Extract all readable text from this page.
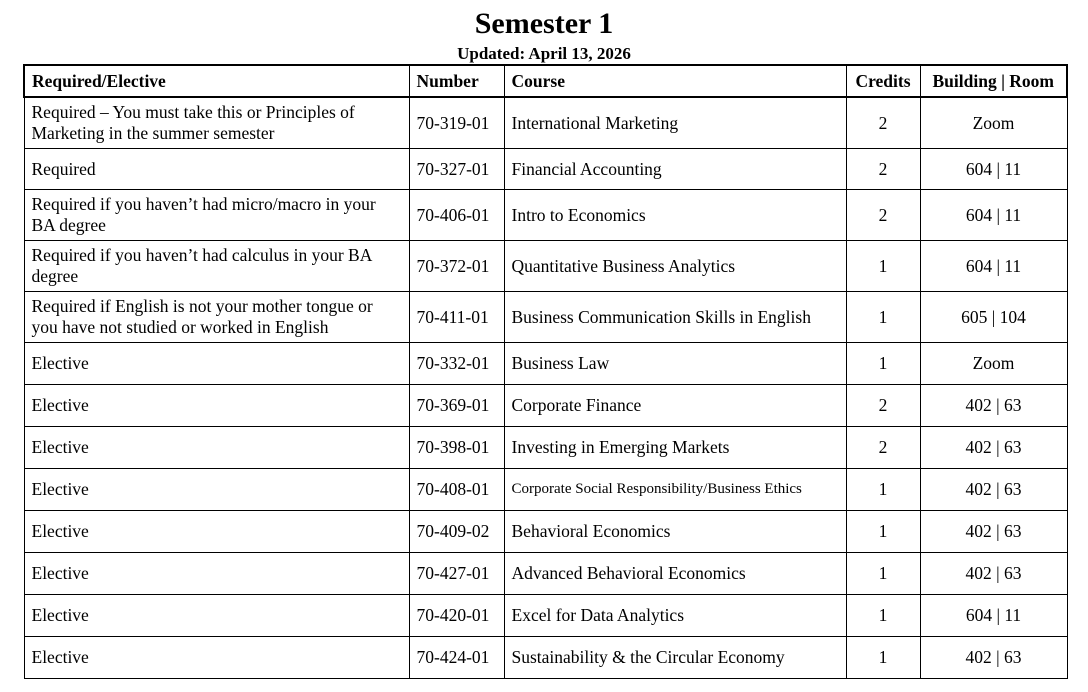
Semester 1
Updated: April 13, 2026
Required/Elective	Number	Course	Credits	Building | Room
Required – You must take this or Principles of Marketing in the summer semester	70-319-01	International Marketing	2	Zoom
Required	70-327-01	Financial Accounting	2	604 | 11
Required if you haven’t had micro/macro in your BA degree	70-406-01	Intro to Economics	2	604 | 11
Required if you haven’t had calculus in your BA degree	70-372-01	Quantitative Business Analytics	1	604 | 11
Required if English is not your mother tongue or you have not studied or worked in English	70-411-01	Business Communication Skills in English	1	605 | 104
Elective	70-332-01	Business Law	1	Zoom
Elective	70-369-01	Corporate Finance	2	402 | 63
Elective	70-398-01	Investing in Emerging Markets	2	402 | 63
Elective	70-408-01	Corporate Social Responsibility/Business Ethics	1	402 | 63
Elective	70-409-02	Behavioral Economics	1	402 | 63
Elective	70-427-01	Advanced Behavioral Economics	1	402 | 63
Elective	70-420-01	Excel for Data Analytics	1	604 | 11
Elective	70-424-01	Sustainability & the Circular Economy	1	402 | 63
